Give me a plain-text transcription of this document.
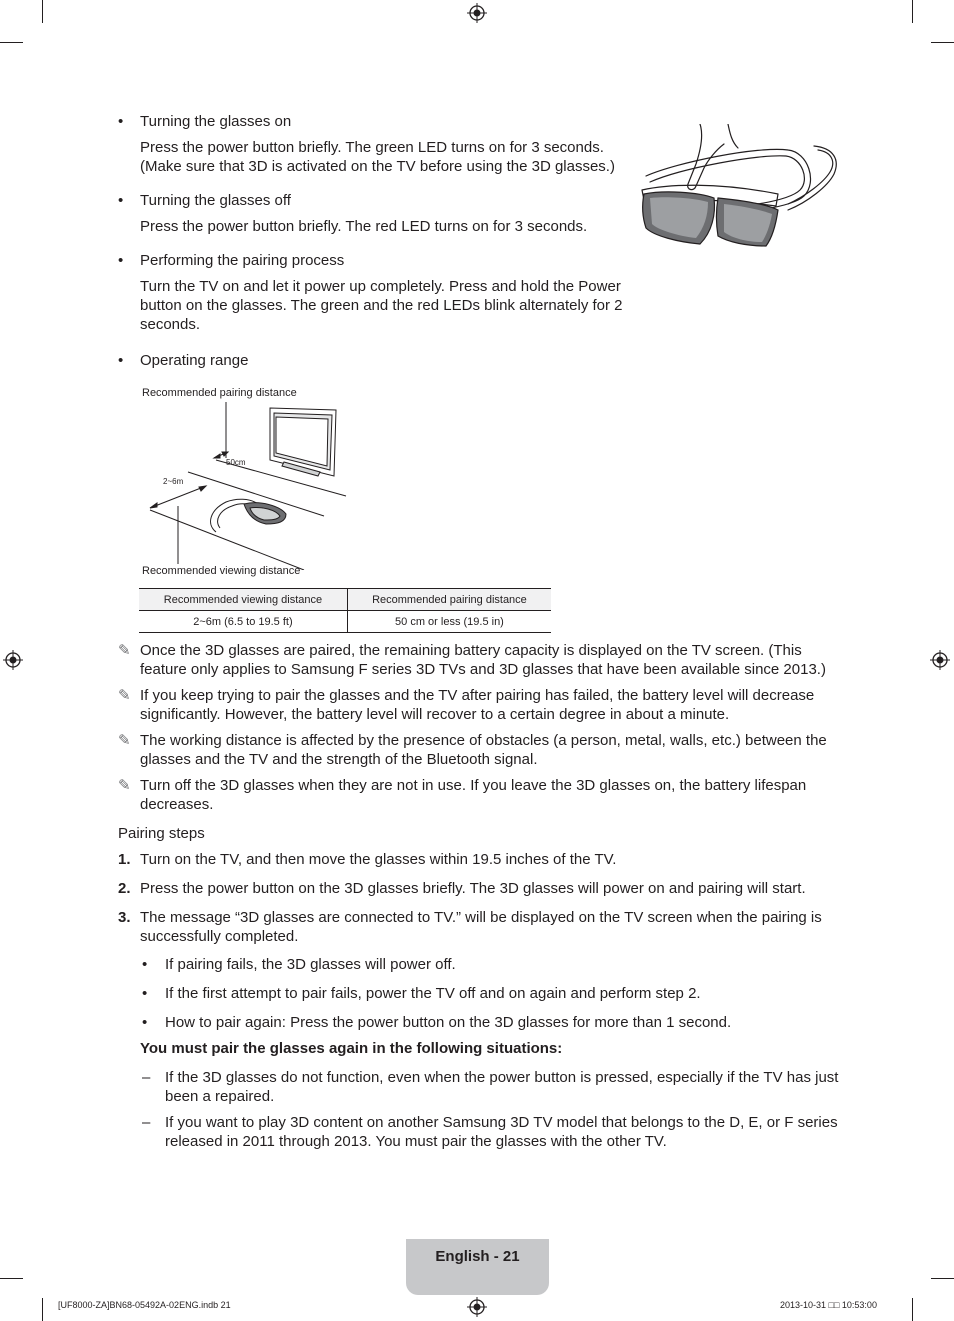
•	Turning the glasses on
Press the power button briefly. The green LED turns on for 3 seconds.
(Make sure that 3D is activated on the TV before using the 3D glasses.)
•	Turning the glasses off
Press the power button briefly. The red LED turns on for 3 seconds.
•	Performing the pairing process
Turn the TV on and let it power up completely. Press and hold the Power
button on the glasses. The green and the red LEDs blink alternately for 2
seconds.
•	Operating range
Recommended pairing distance
Recommended viewing distance
50cm
2~6m
Recommended viewing distance	Recommended pairing distance
2~6m (6.5 to 19.5 ft)	50 cm or less (19.5 in)
✎ Once the 3D glasses are paired, the remaining battery capacity is displayed on the TV screen. (This feature only applies to Samsung F series 3D TVs and 3D glasses that have been available since 2013.)
✎ If you keep trying to pair the glasses and the TV after pairing has failed, the battery level will decrease significantly. However, the battery level will recover to a certain degree in about a minute.
✎ The working distance is affected by the presence of obstacles (a person, metal, walls, etc.) between the glasses and the TV and the strength of the Bluetooth signal.
✎ Turn off the 3D glasses when they are not in use. If you leave the 3D glasses on, the battery lifespan decreases.
Pairing steps
1. Turn on the TV, and then move the glasses within 19.5 inches of the TV.
2. Press the power button on the 3D glasses briefly. The 3D glasses will power on and pairing will start.
3. The message “3D glasses are connected to TV.” will be displayed on the TV screen when the pairing is successfully completed.
• If pairing fails, the 3D glasses will power off.
• If the first attempt to pair fails, power the TV off and on again and perform step 2.
• How to pair again: Press the power button on the 3D glasses for more than 1 second.
You must pair the glasses again in the following situations:
– If the 3D glasses do not function, even when the power button is pressed, especially if the TV has just been a repaired.
– If you want to play 3D content on another Samsung 3D TV model that belongs to the D, E, or F series released in 2011 through 2013. You must pair the glasses with the other TV.
English - 21
[UF8000-ZA]BN68-05492A-02ENG.indb 21	2013-10-31 □□ 10:53:00
